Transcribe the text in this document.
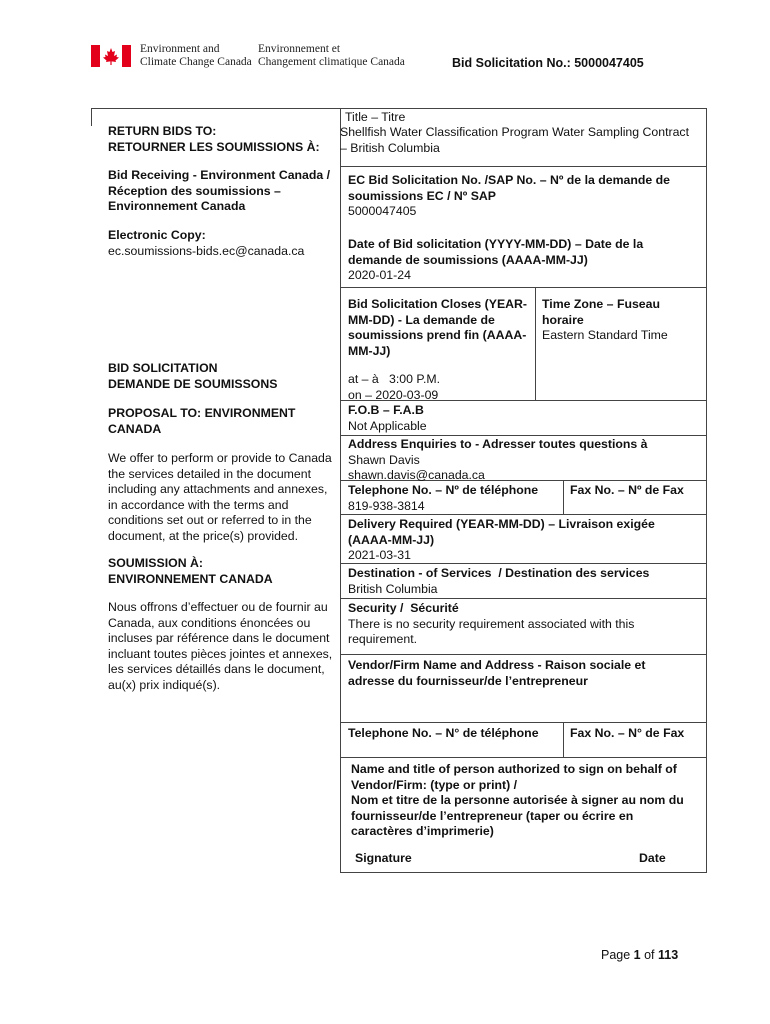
Environment and
Climate Change Canada
Environnement et
Changement climatique Canada	Bid Solicitation No.: 5000047405
RETURN BIDS TO:
RETOURNER LES SOUMISSIONS À:
Bid Receiving - Environment Canada /
Réception des soumissions –
Environnement Canada
Electronic Copy:
ec.soumissions-bids.ec@canada.ca
BID SOLICITATION
DEMANDE DE SOUMISSONS
PROPOSAL TO: ENVIRONMENT
CANADA
We offer to perform or provide to Canada
the services detailed in the document
including any attachments and annexes,
in accordance with the terms and
conditions set out or referred to in the
document, at the price(s) provided.
SOUMISSION À:
ENVIRONNEMENT CANADA
Nous offrons d’effectuer ou de fournir au
Canada, aux conditions énoncées ou
incluses par référence dans le document
incluant toutes pièces jointes et annexes,
les services détaillés dans le document,
au(x) prix indiqué(s).
Title – Titre
Shellfish Water Classification Program Water Sampling Contract
– British Columbia
EC Bid Solicitation No. /SAP No. – Nº de la demande de
soumissions EC / Nº SAP
5000047405
Date of Bid solicitation (YYYY-MM-DD) – Date de la
demande de soumissions (AAAA-MM-JJ)
2020-01-24
Bid Solicitation Closes (YEAR-
MM-DD) - La demande de
soumissions prend fin (AAAA-
MM-JJ)
at – à   3:00 P.M.
on – 2020-03-09
Time Zone – Fuseau
horaire
Eastern Standard Time
F.O.B – F.A.B
Not Applicable
Address Enquiries to - Adresser toutes questions à
Shawn Davis
shawn.davis@canada.ca
Telephone No. – Nº de téléphone
819-938-3814
Fax No. – Nº de Fax
Delivery Required (YEAR-MM-DD) – Livraison exigée
(AAAA-MM-JJ)
2021-03-31
Destination - of Services  / Destination des services
British Columbia
Security /  Sécurité
There is no security requirement associated with this
requirement.
Vendor/Firm Name and Address - Raison sociale et
adresse du fournisseur/de l’entrepreneur
Telephone No. – N° de téléphone	Fax No. – N° de Fax
Name and title of person authorized to sign on behalf of
Vendor/Firm: (type or print) /
Nom et titre de la personne autorisée à signer au nom du
fournisseur/de l’entrepreneur (taper ou écrire en
caractères d’imprimerie)
Signature	Date
Page 1 of 113
